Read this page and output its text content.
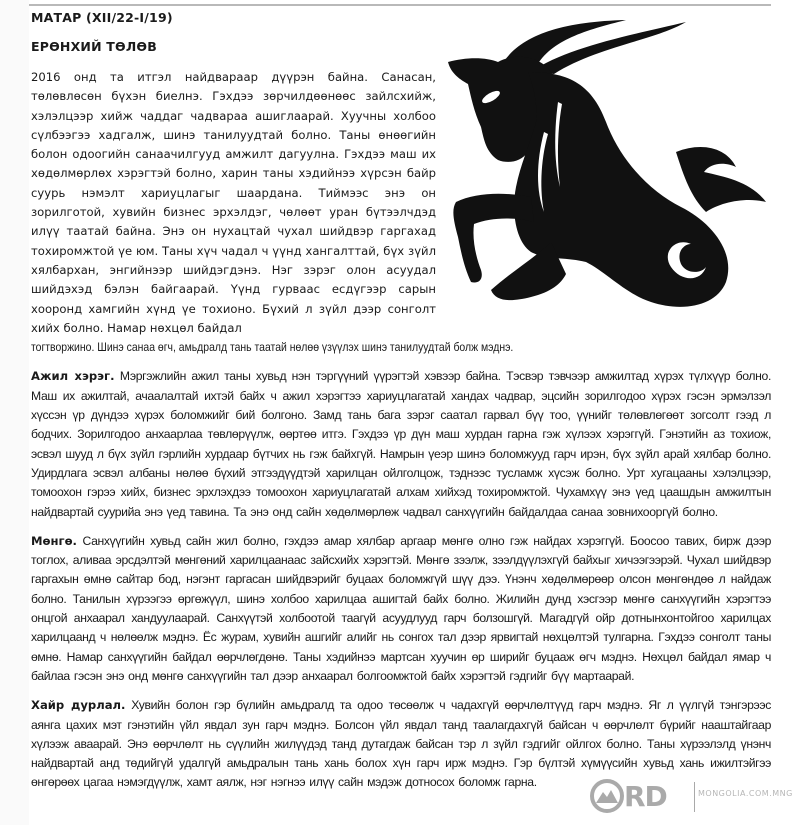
МАТАР (XII/22-I/19)
ЕРӨНХИЙ ТӨЛӨВ

2016 онд та итгэл найдвараар дүүрэн байна. Санасан, төлөвлөсөн бүхэн биелнэ. Гэхдээ зөрчилдөөнөөс зайлсхийж, хэлэлцээр хийж чаддаг чадвараа ашиглаарай. Хуучны холбоо сүлбээгээ хадгалж, шинэ танилуудтай болно. Таны өнөөгийн болон одоогийн санаачилгууд амжилт дагуулна. Гэхдээ маш их хөдөлмөрлөх хэрэгтэй болно, харин таны хэдийнээ хүрсэн байр суурь нэмэлт хариуцлагыг шаардана. Тиймээс энэ он зорилготой, хувийн бизнес эрхэлдэг, чөлөөт уран бүтээлчдэд илүү таатай байна. Энэ он нухацтай чухал шийдвэр гаргахад тохиромжтой үе юм. Таны хүч чадал ч үүнд хангалттай, бүх зүйл хялбархан, энгийнээр шийдэгдэнэ. Нэг зэрэг олон асуудал шийдэхэд бэлэн байгаарай. Үүнд гурваас есдүгээр сарын хооронд хамгийн хүнд үе тохионо. Бүхий л зүйл дээр сонголт хийх болно. Намар нөхцөл байдал

тогтворжино. Шинэ санаа өгч, амьдралд тань таатай нөлөө үзүүлэх шинэ танилуудтай болж мэднэ.

Ажил хэрэг. Мэргэжлийн ажил таны хувьд нэн тэргүүний үүрэгтэй хэвээр байна. Тэсвэр тэвчээр амжилтад хүрэх түлхүүр болно. Маш их ажилтай, ачаалалтай ихтэй байх ч ажил хэрэгтээ хариуцлагатай хандах чадвар, эцсийн зорилгодоо хүрэх гэсэн эрмэлзэл хүссэн үр дүндээ хүрэх боломжийг бий болгоно. Замд тань бага зэрэг саатал гарвал бүү тоо, үүнийг төлөвлөгөөт зогсолт гээд л бодчих. Зорилгодоо анхаарлаа төвлөрүүлж, өөртөө итгэ. Гэхдээ үр дүн маш хурдан гарна гэж хүлээх хэрэггүй. Гэнэтийн аз тохиож, эсвэл шууд л бүх зүйл гэрлийн хурдаар бүтчих нь гэж байхгүй. Намрын үеэр шинэ боломжууд гарч ирэн, бүх зүйл арай хялбар болно. Удирдлага эсвэл албаны нөлөө бүхий этгээдүүдтэй харилцан ойлголцож, тэднээс тусламж хүсэж болно. Урт хугацааны хэлэлцээр, томоохон гэрээ хийх, бизнес эрхлэхдээ томоохон хариуцлагатай алхам хийхэд тохиромжтой. Чухамхүү энэ үед цаашдын амжилтын найдвартай суурийа энэ үед тавина. Та энэ онд сайн хөдөлмөрлөж чадвал санхүүгийн байдалдаа санаа зовнихооргүй болно.

Мөнгө. Санхүүгийн хувьд сайн жил болно, гэхдээ амар хялбар аргаар мөнгө олно гэж найдах хэрэггүй. Боосоо тавих, бирж дээр тоглох, аливаа эрсдэлтэй мөнгөний харилцаанаас зайсхийх хэрэгтэй. Мөнгө зээлж, зээлдүүлэхгүй байхыг хичээгээрэй. Чухал шийдвэр гаргахын өмнө сайтар бод, нэгэнт гаргасан шийдвэрийг буцаах боломжгүй шүү дээ. Үнэнч хөдөлмөрөөр олсон мөнгөндөө л найдаж болно. Танилын хүрээгээ өргөжүүл, шинэ холбоо харилцаа ашигтай байх болно. Жилийн дунд хэсгээр мөнгө санхүүгийн хэрэгтээ онцгой анхаарал хандуулаарай. Санхүүтэй холбоотой таагүй асуудлууд гарч болзошгүй. Магадгүй ойр дотнынхонтойгоо харилцах харилцаанд ч нөлөөлж мэднэ. Ёс журам, хувийн ашгийг алийг нь сонгох тал дээр ярвигтай нөхцөлтэй тулгарна. Гэхдээ сонголт таны өмнө. Намар санхүүгийн байдал өөрчлөгдөнө. Таны хэдийнээ мартсан хуучин өр ширийг буцааж өгч мэднэ. Нөхцөл байдал ямар ч байлаа гэсэн энэ онд мөнгө санхүүгийн тал дээр анхаарал болгоомжтой байх хэрэгтэй гэдгийг бүү мартаарай.

Хайр дурлал. Хувийн болон гэр бүлийн амьдралд та одоо төсөөлж ч чадахгүй өөрчлөлтүүд гарч мэднэ. Яг л үүлгүй тэнгэрээс аянга цахих мэт гэнэтийн үйл явдал зун гарч мэднэ. Болсон үйл явдал танд таалагдахгүй байсан ч өөрчлөлт бүрийг нааштайгаар хүлээж аваарай. Энэ өөрчлөлт нь сүүлийн жилүүдэд танд дутагдаж байсан тэр л зүйл гэдгийг ойлгох болно. Таны хүрээлэлд үнэнч найдвартай анд төдийгүй удалгүй амьдралын тань хань болох хүн гарч ирж мэднэ. Гэр бүлтэй хүмүүсийн хувьд хань ижилтэйгээ өнгөрөөх цагаа нэмэгдүүлж, хамт аялж, нэг нэгнээ илүү сайн мэдэж дотносох боломж гарна.	RD	MONGOLIA.COM.MNG
